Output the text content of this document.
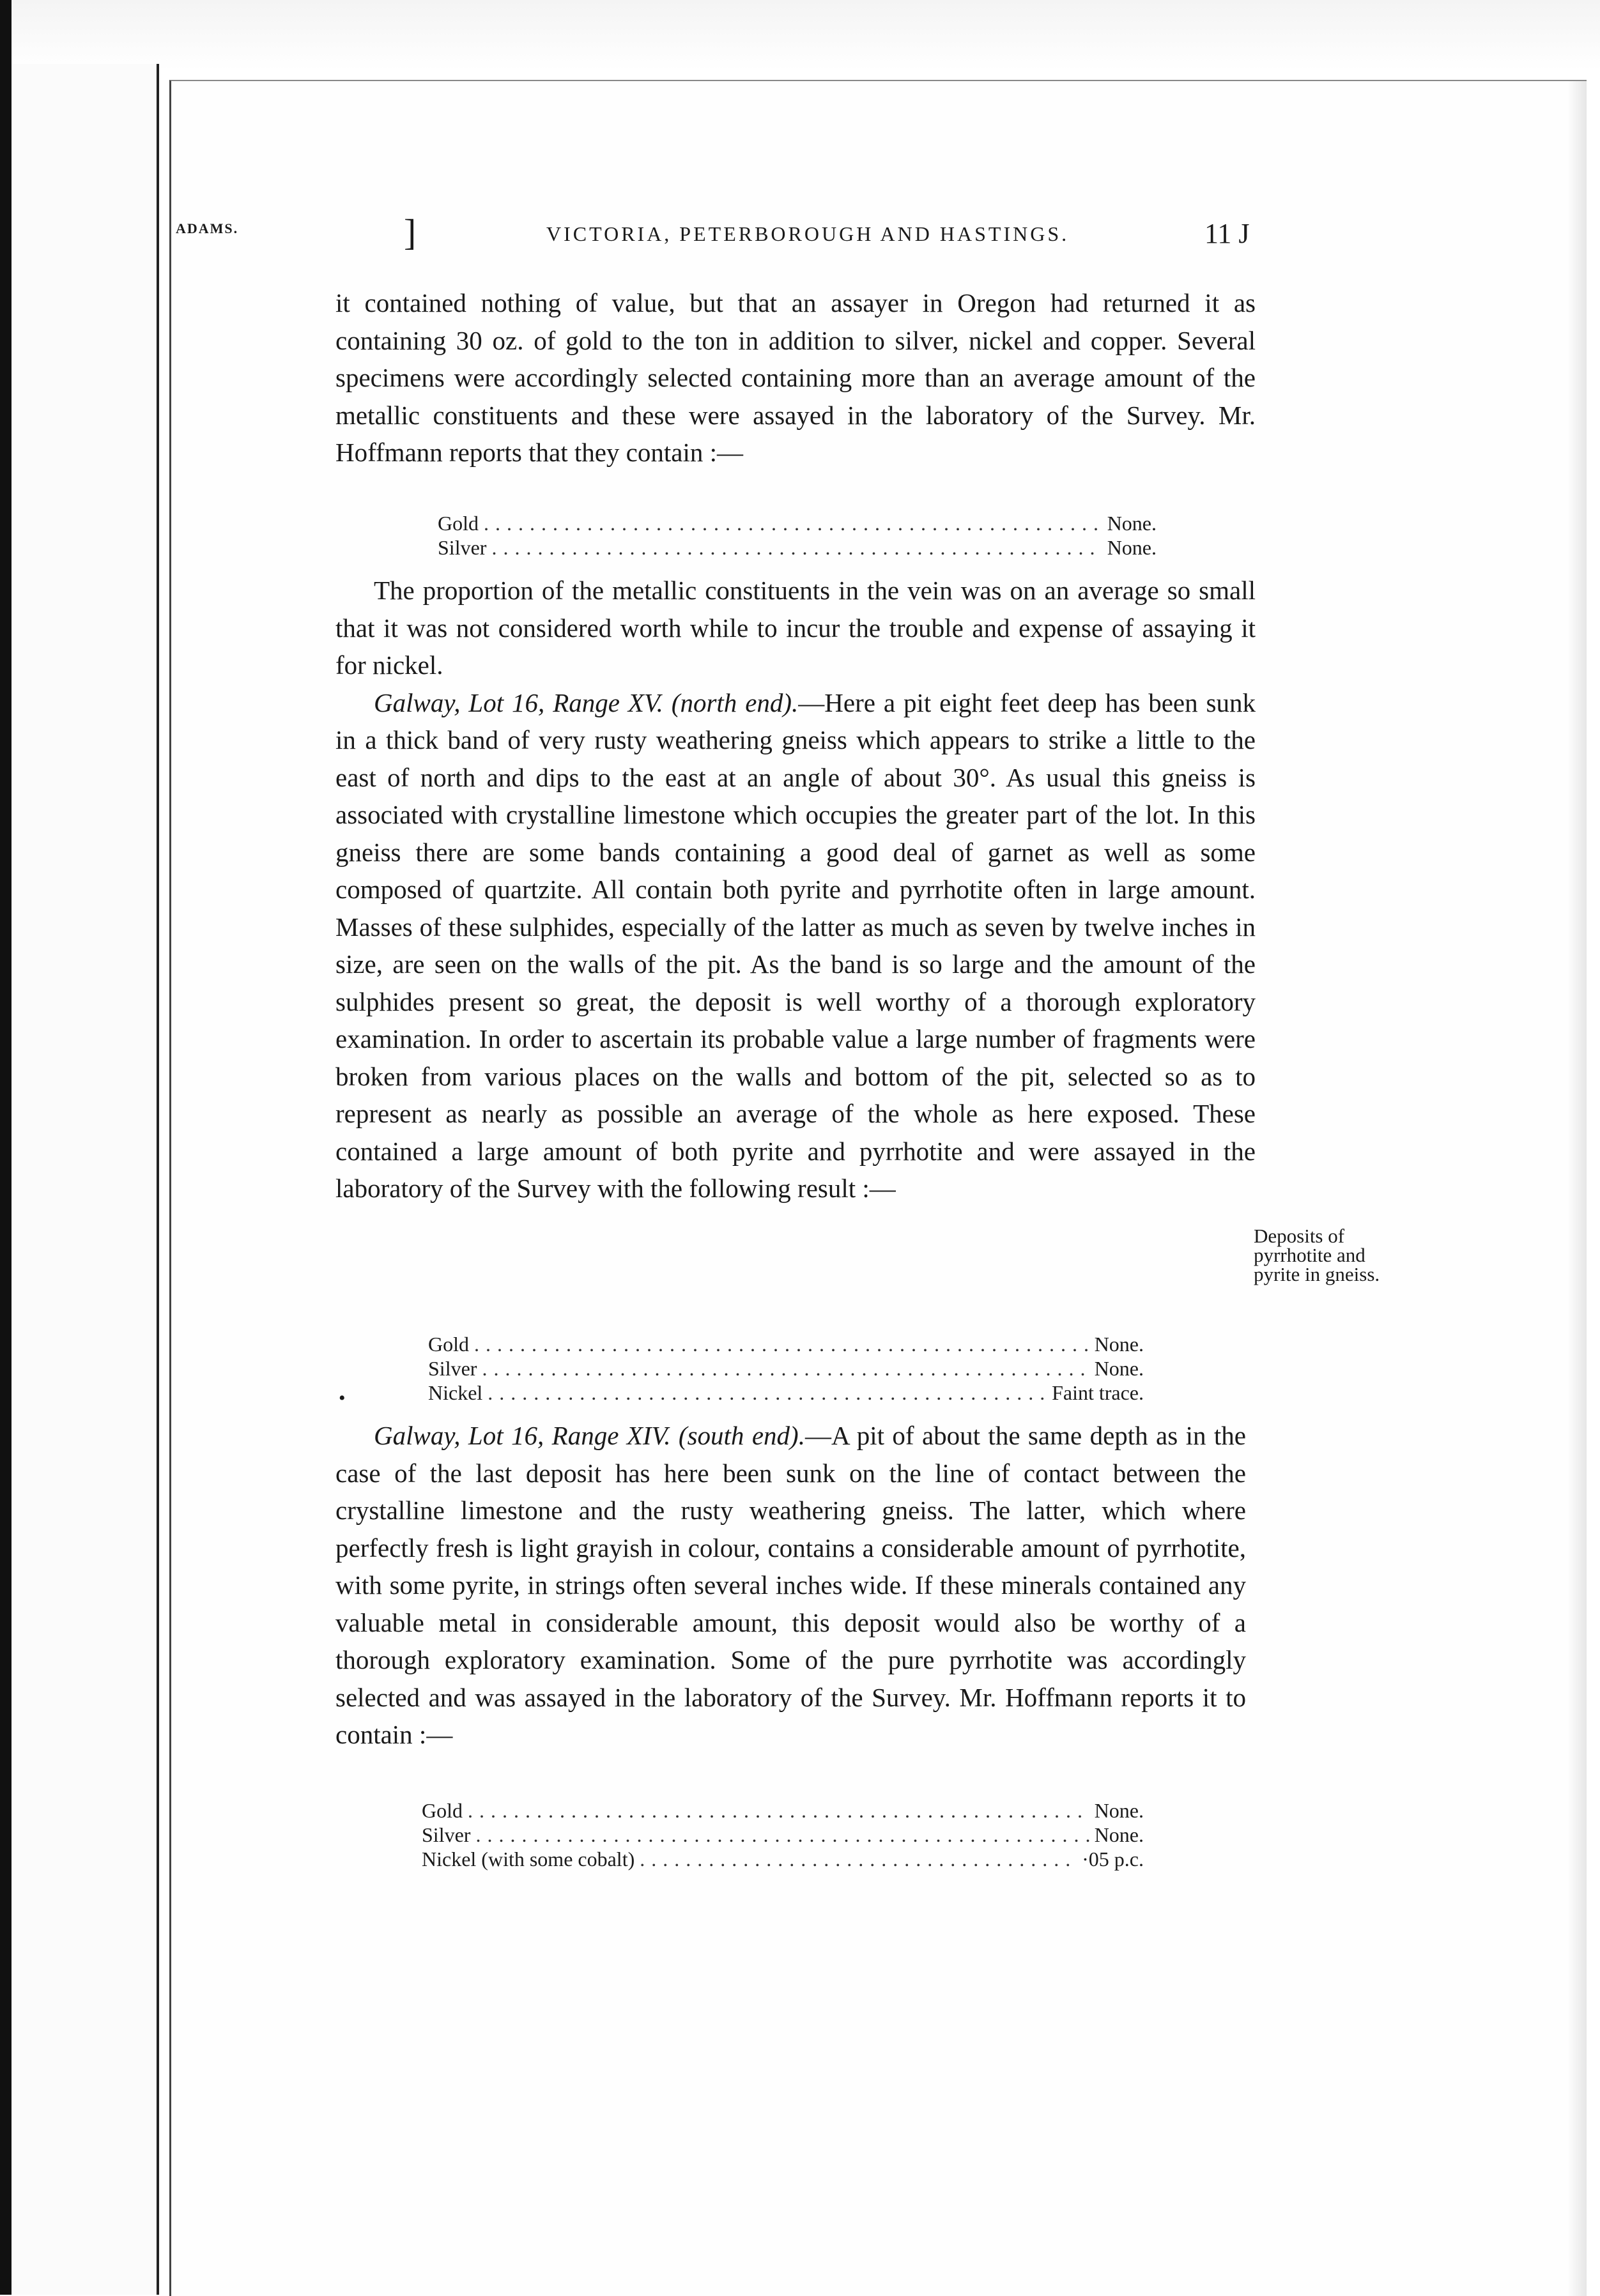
ADAMS.	]	VICTORIA, PETERBOROUGH AND HASTINGS.	11 J

it contained nothing of value, but that an assayer in Oregon had returned it as containing 30 oz. of gold to the ton in addition to silver, nickel and copper. Several specimens were accordingly selected containing more than an average amount of the metallic constituents and these were assayed in the laboratory of the Survey. Mr. Hoffmann reports that they contain :—

Gold . . .	None.
Silver . . .	None.

The proportion of the metallic constituents in the vein was on an average so small that it was not considered worth while to incur the trouble and expense of assaying it for nickel.

Galway, Lot 16, Range XV. (north end).—Here a pit eight feet deep has been sunk in a thick band of very rusty weathering gneiss which appears to strike a little to the east of north and dips to the east at an angle of about 30°. As usual this gneiss is associated with crystalline limestone which occupies the greater part of the lot. In this gneiss there are some bands containing a good deal of garnet as well as some composed of quartzite. All contain both pyrite and pyrrhotite often in large amount. Masses of these sulphides, especially of the latter as much as seven by twelve inches in size, are seen on the walls of the pit. As the band is so large and the amount of the sulphides present so great, the deposit is well worthy of a thorough exploratory examination. In order to ascertain its probable value a large number of fragments were broken from various places on the walls and bottom of the pit, selected so as to represent as nearly as possible an average of the whole as here exposed. These contained a large amount of both pyrite and pyrrhotite and were assayed in the laboratory of the Survey with the following result :—

Deposits of pyrrhotite and pyrite in gneiss.
•
Gold . . .	None.
Silver . . .	None.
Nickel . . .	Faint trace.

Galway, Lot 16, Range XIV. (south end).—A pit of about the same depth as in the case of the last deposit has here been sunk on the line of contact between the crystalline limestone and the rusty weathering gneiss. The latter, which where perfectly fresh is light grayish in colour, contains a considerable amount of pyrrhotite, with some pyrite, in strings often several inches wide. If these minerals contained any valuable metal in considerable amount, this deposit would also be worthy of a thorough exploratory examination. Some of the pure pyrrhotite was accordingly selected and was assayed in the laboratory of the Survey. Mr. Hoffmann reports it to contain :—

Gold . . .	None.
Silver . . .	None.
Nickel (with some cobalt) . . .	·05 p.c.
